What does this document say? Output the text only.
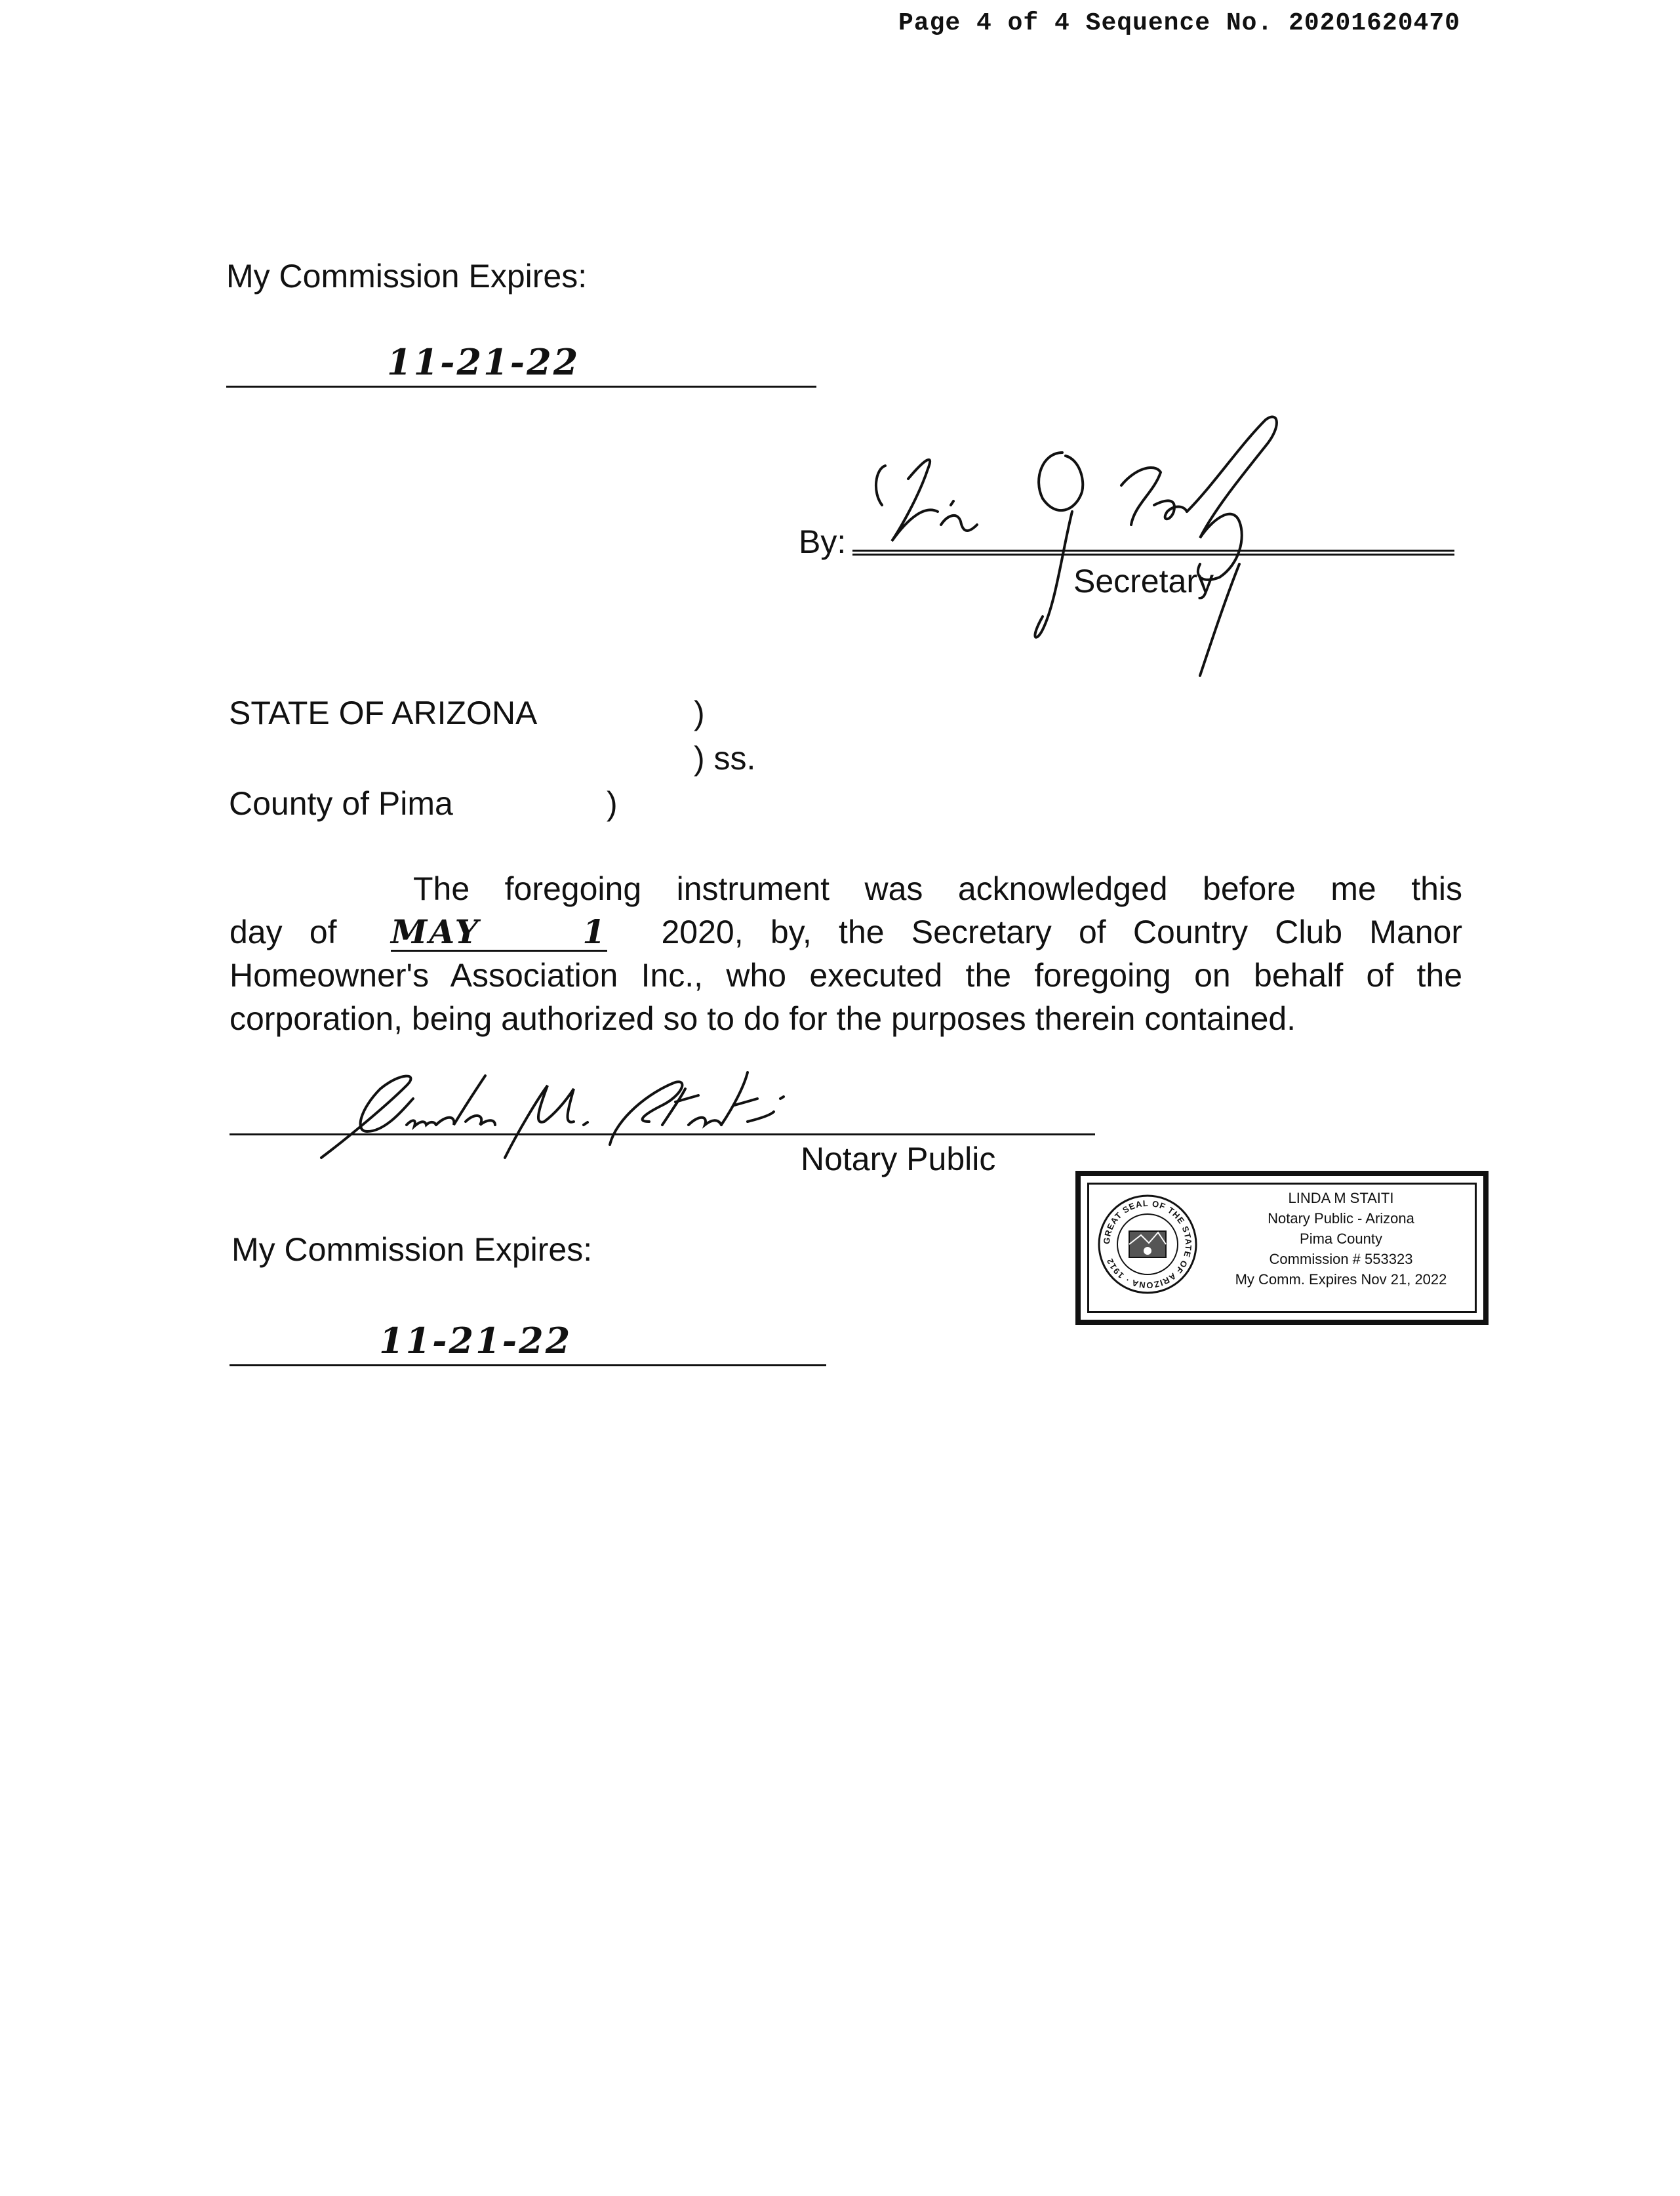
Page 4 of 4 Sequence No. 20201620470
My Commission Expires:
11-21-22
By:
Secretary
STATE OF ARIZONA	)
) ss.
County of Pima	)
The foregoing instrument was acknowledged before me this
day of MAY 1 2020, by, the Secretary of Country Club Manor
Homeowner's Association Inc., who executed the foregoing on behalf of the
corporation, being authorized so to do for the purposes therein contained.
Notary Public
My Commission Expires:
11-21-22
GREAT SEAL OF THE STATE OF ARIZONA · 1912
LINDA M STAITI
Notary Public - Arizona
Pima County
Commission # 553323
My Comm. Expires Nov 21, 2022
